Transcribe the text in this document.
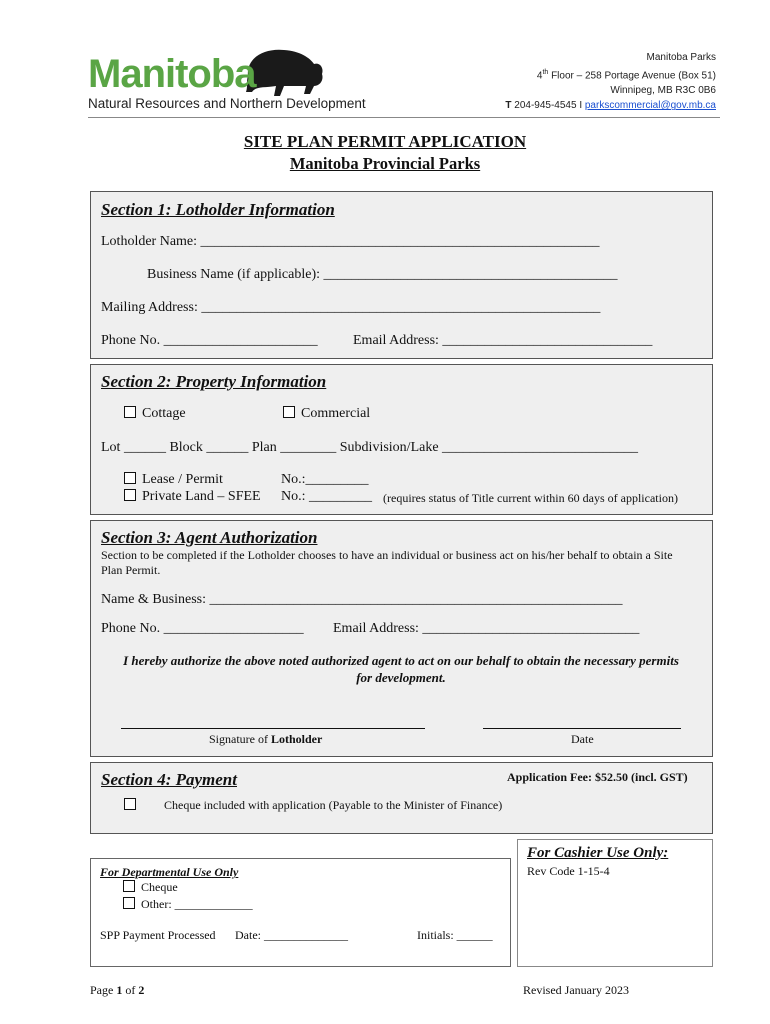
Manitoba
Natural Resources and Northern Development
Manitoba Parks
4th Floor – 258 Portage Avenue (Box 51)
Winnipeg, MB R3C 0B6
T 204-945-4545 I parkscommercial@gov.mb.ca
SITE PLAN PERMIT APPLICATION
Manitoba Provincial Parks
Section 1: Lotholder Information
Lotholder Name: _________________________________________________________
Business Name (if applicable): __________________________________________
Mailing Address: _________________________________________________________
Phone No. ______________________	Email Address: ______________________________
Section 2: Property Information
Cottage	Commercial
Lot ______ Block ______ Plan ________ Subdivision/Lake ____________________________
Lease / Permit	No.:_________
Private Land – SFEE No.: _________ (requires status of Title current within 60 days of application)
Section 3: Agent Authorization
Section to be completed if the Lotholder chooses to have an individual or business act on his/her behalf to obtain a Site
Plan Permit.
Name & Business: ___________________________________________________________
Phone No. ____________________ Email Address: _______________________________
I hereby authorize the above noted authorized agent to act on our behalf to obtain the necessary permits
for development.
Signature of Lotholder	Date
Section 4: Payment	Application Fee: $52.50 (incl. GST)
Cheque included with application (Payable to the Minister of Finance)
For Cashier Use Only:
Rev Code 1-15-4
For Departmental Use Only
Cheque
Other: _____________
SPP Payment Processed Date: ______________	Initials: ______
Page 1 of 2	Revised January 2023
